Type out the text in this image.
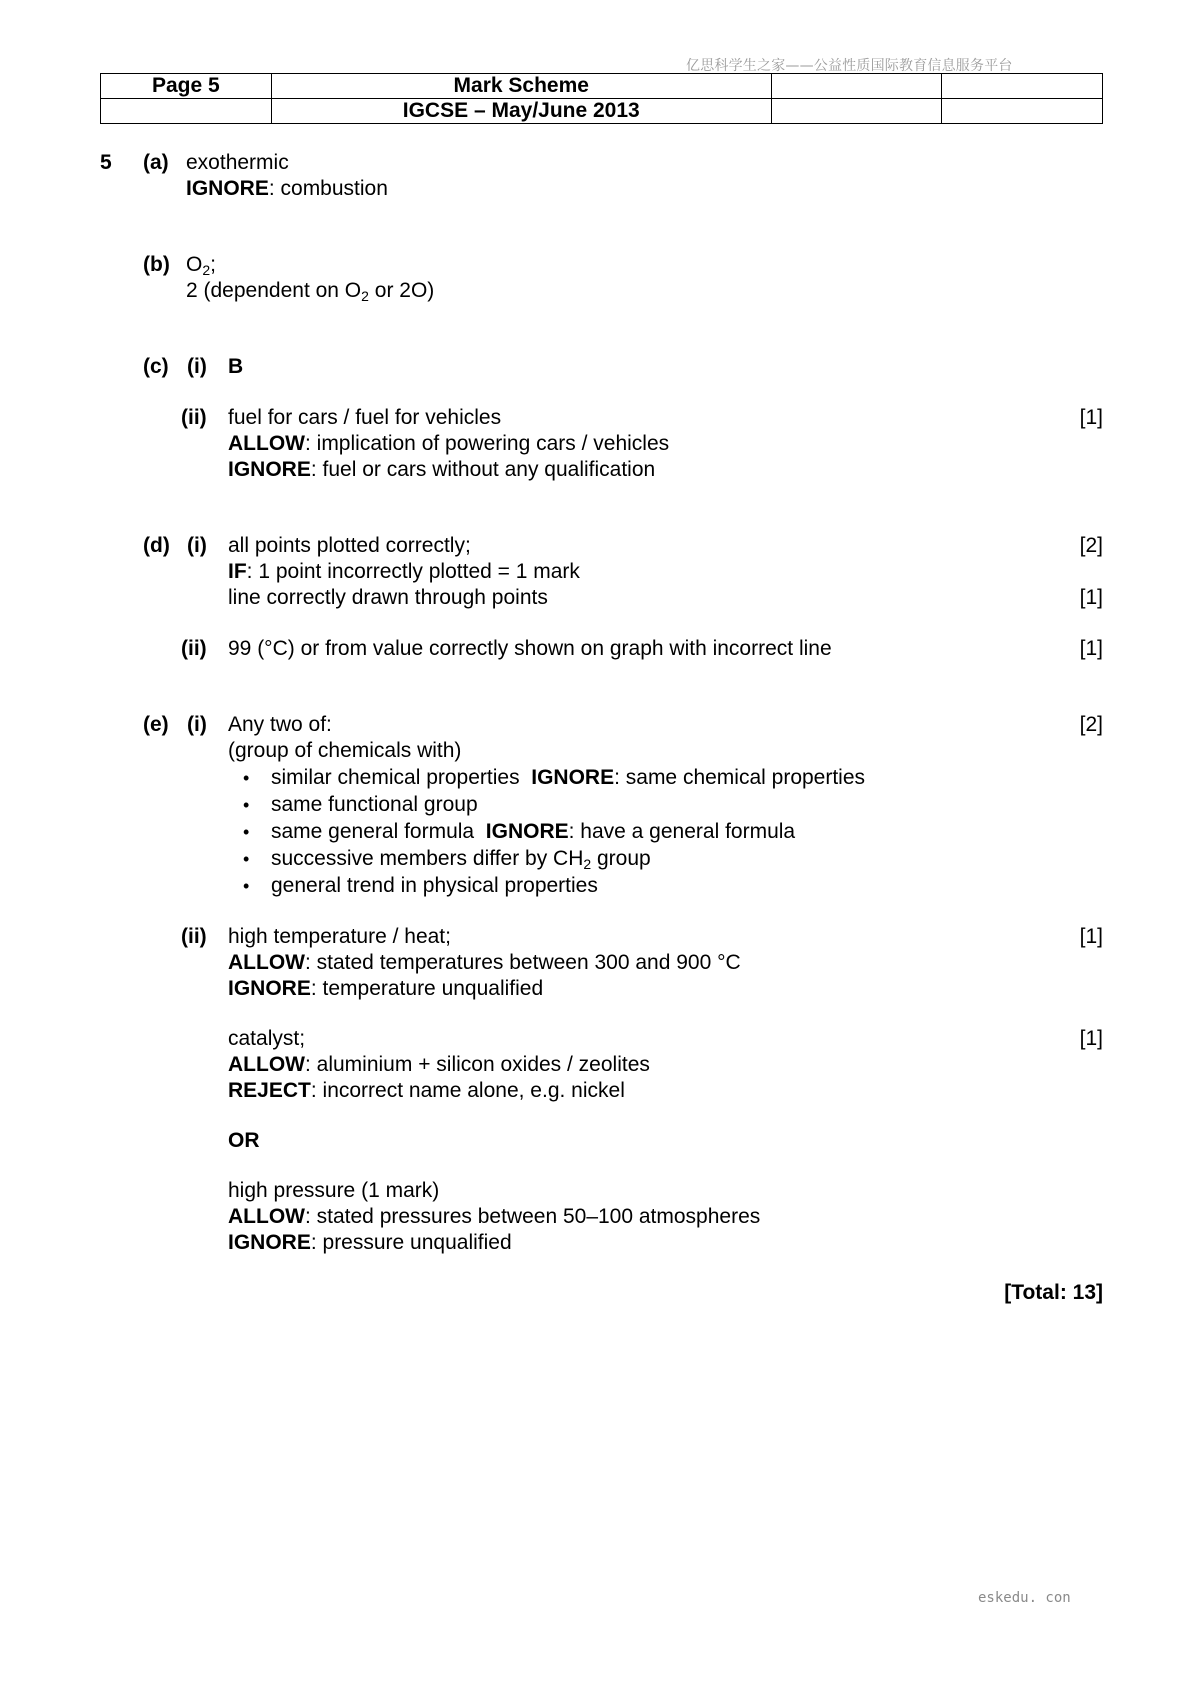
亿思科学生之家——公益性质国际教育信息服务平台
Page 5	Mark Scheme		
	IGCSE – May/June 2013		
5 (a) exothermic
IGNORE: combustion
(b) $O_2$;
2 (dependent on $O_2$ or 2O)
(c) (i) B
(ii) fuel for cars / fuel for vehicles	[1]
ALLOW: implication of powering cars / vehicles
IGNORE: fuel or cars without any qualification
(d) (i) all points plotted correctly;	[2]
IF: 1 point incorrectly plotted = 1 mark
line correctly drawn through points	[1]
(ii) 99 (°C) or from value correctly shown on graph with incorrect line	[1]
(e) (i) Any two of:	[2]
(group of chemicals with)
• similar chemical properties IGNORE: same chemical properties
• same functional group
• same general formula IGNORE: have a general formula
• successive members differ by $CH_2$ group
• general trend in physical properties
(ii) high temperature / heat;	[1]
ALLOW: stated temperatures between 300 and 900 °C
IGNORE: temperature unqualified
catalyst;	[1]
ALLOW: aluminium + silicon oxides / zeolites
REJECT: incorrect name alone, e.g. nickel
OR
high pressure (1 mark)
ALLOW: stated pressures between 50–100 atmospheres
IGNORE: pressure unqualified
[Total: 13]
eskedu. con
